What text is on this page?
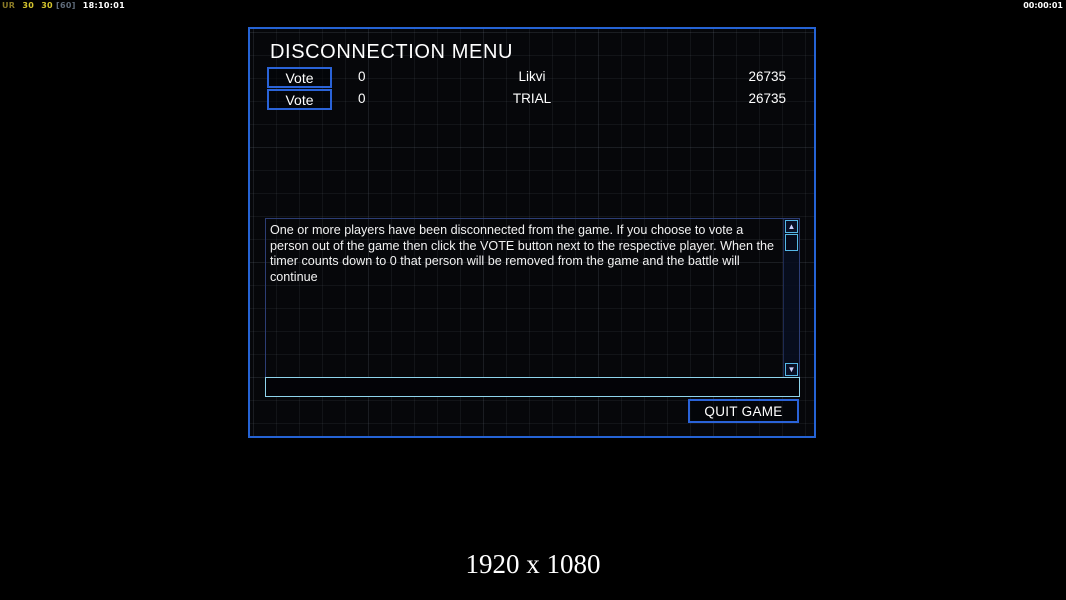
UR 30 30 [60] 18:10:01	00:00:01
DISCONNECTION MENU
Vote	0	Likvi	26735
Vote	0	TRIAL	26735
One or more players have been disconnected from the game. If you choose to vote a person out of the game then click the VOTE button next to the respective player. When the timer counts down to 0 that person will be removed from the game and the battle will continue
▲
▼
QUIT GAME
1920 x 1080
